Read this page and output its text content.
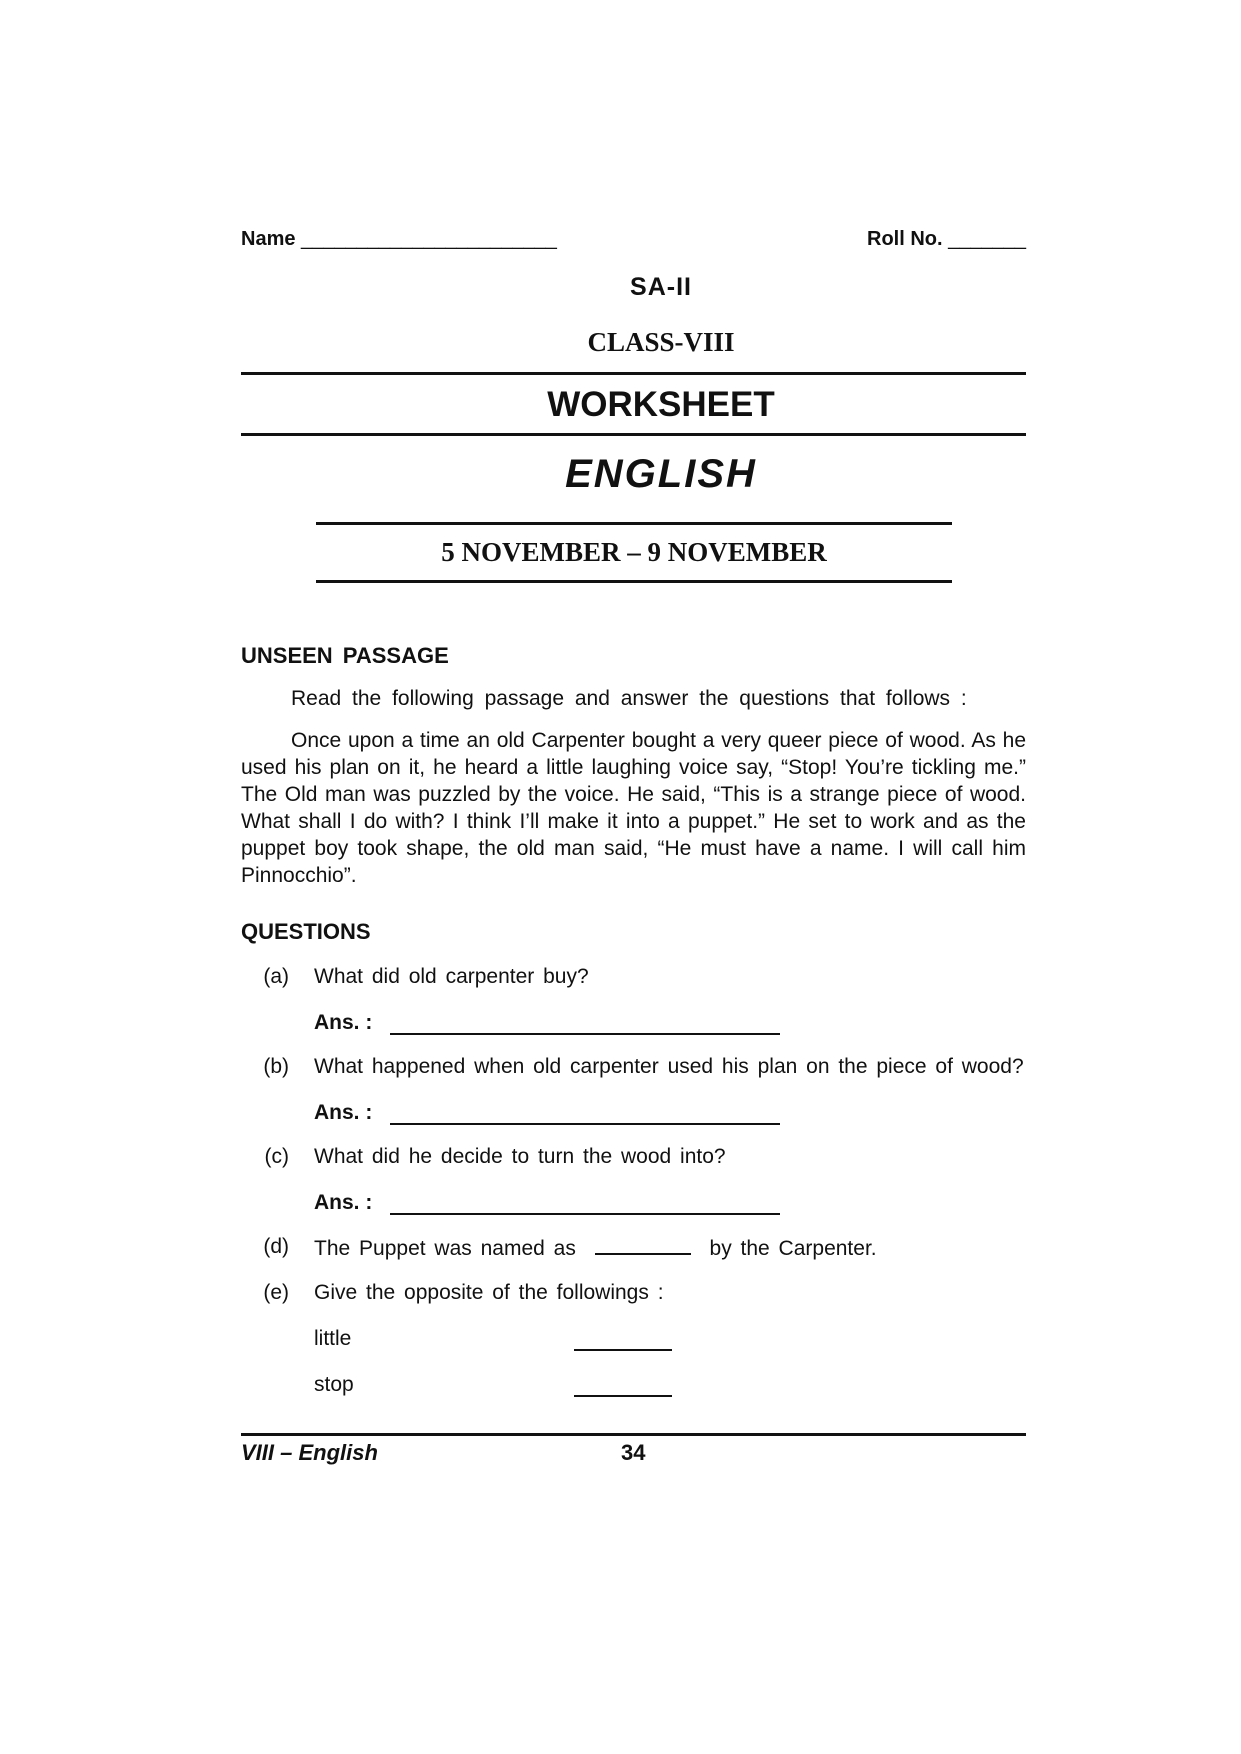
Name _______________________	Roll No. _______
SA-II
CLASS-VIII
WORKSHEET
ENGLISH
5 NOVEMBER – 9 NOVEMBER
UNSEEN PASSAGE
Read the following passage and answer the questions that follows :
Once upon a time an old Carpenter bought a very queer piece of wood. As he used his plan on it, he heard a little laughing voice say, “Stop! You’re tickling me.” The Old man was puzzled by the voice. He said, “This is a strange piece of wood. What shall I do with? I think I’ll make it into a puppet.” He set to work and as the puppet boy took shape, the old man said, “He must have a name. I will call him Pinnocchio”.
QUESTIONS
(a)	What did old carpenter buy?
Ans. :
(b)	What happened when old carpenter used his plan on the piece of wood?
Ans. :
(c)	What did he decide to turn the wood into?
Ans. :
(d)	The Puppet was named as	by the Carpenter.
(e)	Give the opposite of the followings :
little
stop
VIII – English	34
